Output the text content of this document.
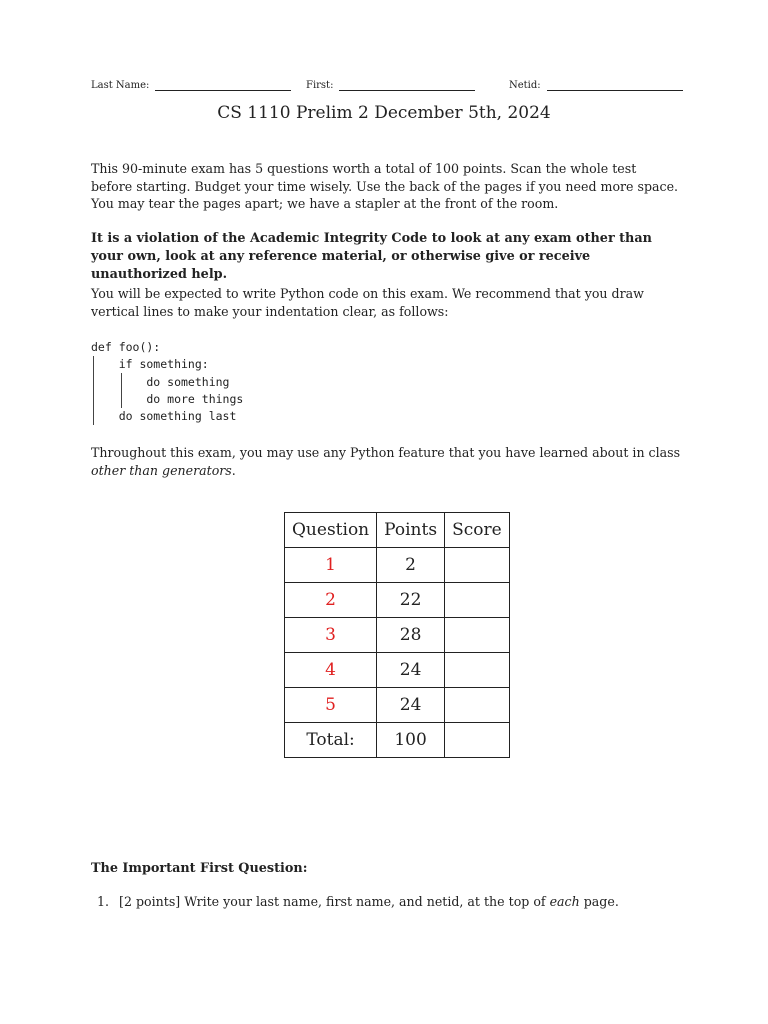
Last Name:	First:	Netid:
CS 1110 Prelim 2 December 5th, 2024
This 90-minute exam has 5 questions worth a total of 100 points. Scan the whole test before starting. Budget your time wisely. Use the back of the pages if you need more space. You may tear the pages apart; we have a stapler at the front of the room.
It is a violation of the Academic Integrity Code to look at any exam other than your own, look at any reference material, or otherwise give or receive unauthorized help.
You will be expected to write Python code on this exam. We recommend that you draw vertical lines to make your indentation clear, as follows:
def foo():
if something:
do something
do more things
do something last
Throughout this exam, you may use any Python feature that you have learned about in class other than generators.
Question	Points	Score
1	2	
2	22	
3	28	
4	24	
5	24	
Total:	100	
The Important First Question:
1. [2 points] Write your last name, first name, and netid, at the top of each page.
